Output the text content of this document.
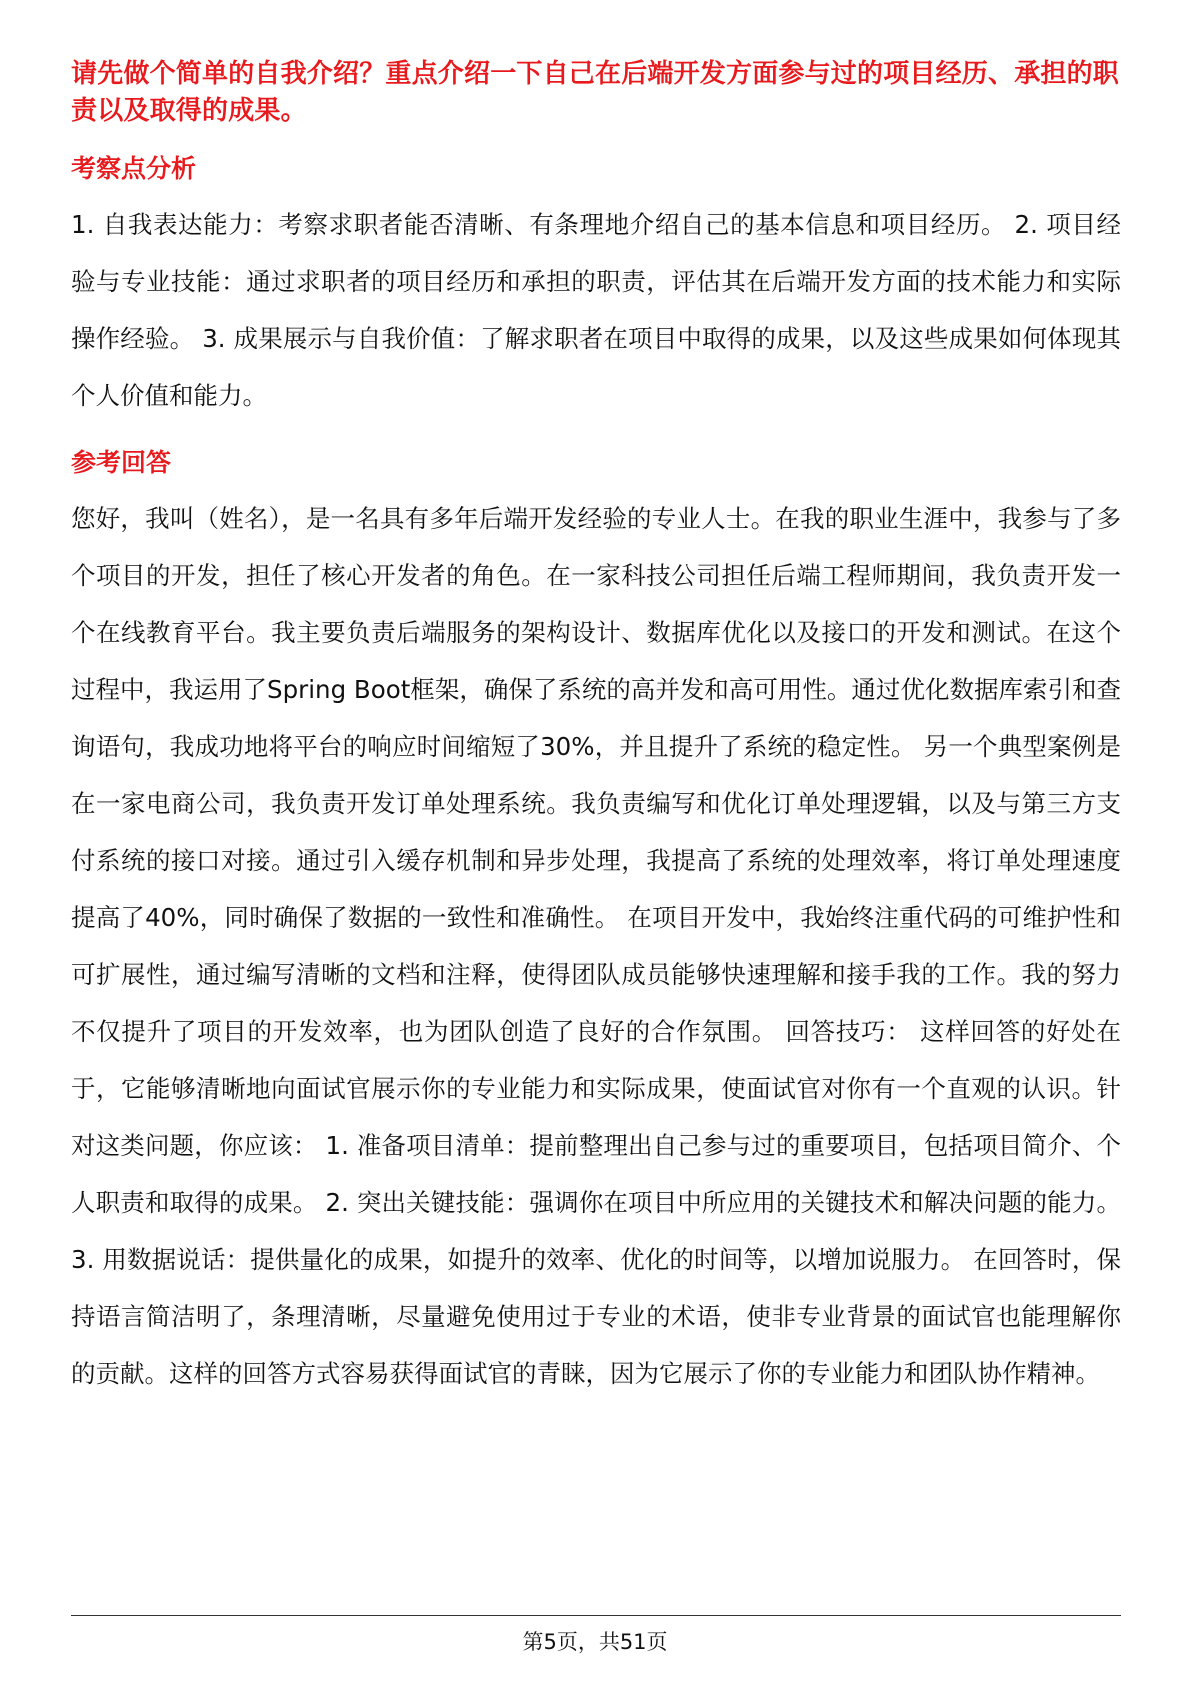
请先做个简单的自我介绍？重点介绍一下自己在后端开发方面参与过的项目经历、承担的职责以及取得的成果。
考察点分析

1. 自我表达能力：考察求职者能否清晰、有条理地介绍自己的基本信息和项目经历。 2. 项目经验与专业技能：通过求职者的项目经历和承担的职责，评估其在后端开发方面的技术能力和实际操作经验。 3. 成果展示与自我价值：了解求职者在项目中取得的成果，以及这些成果如何体现其个人价值和能力。

参考回答

您好，我叫（姓名），是一名具有多年后端开发经验的专业人士。在我的职业生涯中，我参与了多个项目的开发，担任了核心开发者的角色。在一家科技公司担任后端工程师期间，我负责开发一个在线教育平台。我主要负责后端服务的架构设计、数据库优化以及接口的开发和测试。在这个过程中，我运用了Spring Boot框架，确保了系统的高并发和高可用性。通过优化数据库索引和查询语句，我成功地将平台的响应时间缩短了30%，并且提升了系统的稳定性。 另一个典型案例是在一家电商公司，我负责开发订单处理系统。我负责编写和优化订单处理逻辑，以及与第三方支付系统的接口对接。通过引入缓存机制和异步处理，我提高了系统的处理效率，将订单处理速度提高了40%，同时确保了数据的一致性和准确性。 在项目开发中，我始终注重代码的可维护性和可扩展性，通过编写清晰的文档和注释，使得团队成员能够快速理解和接手我的工作。我的努力不仅提升了项目的开发效率，也为团队创造了良好的合作氛围。 回答技巧： 这样回答的好处在于，它能够清晰地向面试官展示你的专业能力和实际成果，使面试官对你有一个直观的认识。针对这类问题，你应该： 1. 准备项目清单：提前整理出自己参与过的重要项目，包括项目简介、个人职责和取得的成果。 2. 突出关键技能：强调你在项目中所应用的关键技术和解决问题的能力。 3. 用数据说话：提供量化的成果，如提升的效率、优化的时间等，以增加说服力。 在回答时，保持语言简洁明了，条理清晰，尽量避免使用过于专业的术语，使非专业背景的面试官也能理解你的贡献。这样的回答方式容易获得面试官的青睐，因为它展示了你的专业能力和团队协作精神。

第5页，共51页
